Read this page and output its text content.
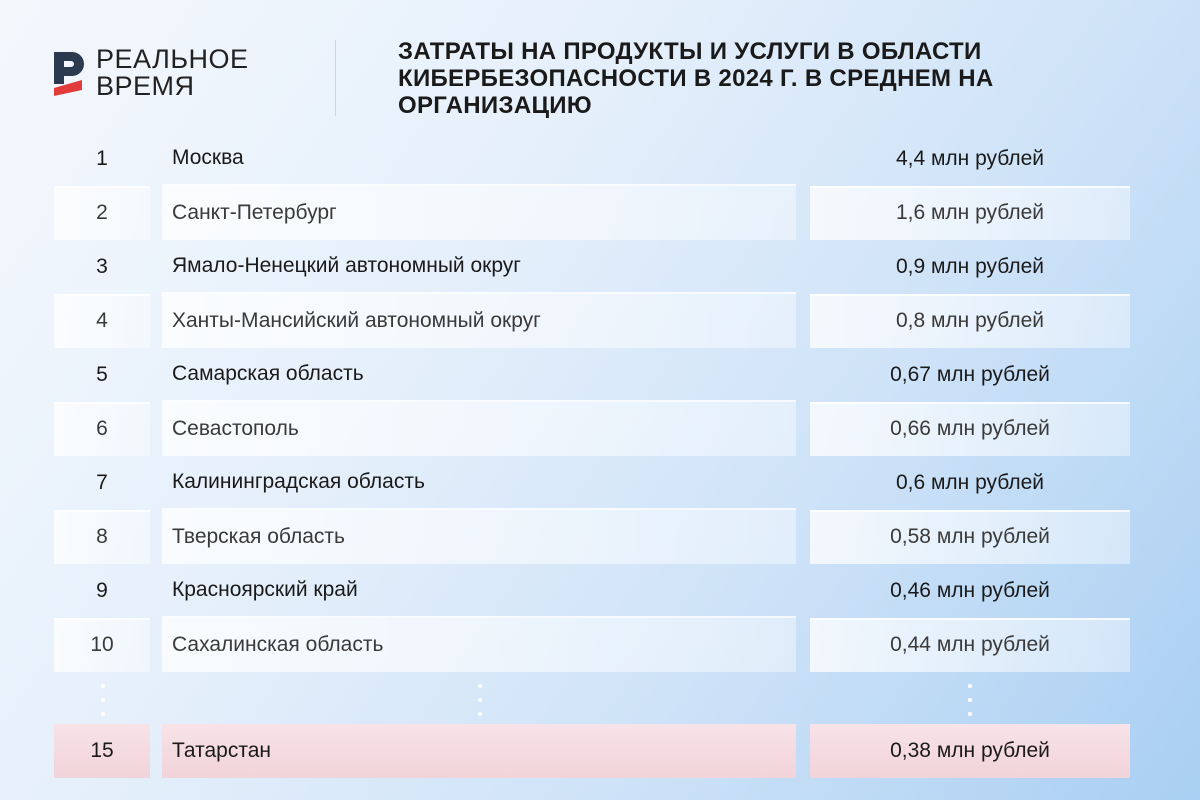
РЕАЛЬНОЕ
ВРЕМЯ
ЗАТРАТЫ НА ПРОДУКТЫ И УСЛУГИ В ОБЛАСТИ КИБЕРБЕЗОПАСНОСТИ В 2024 Г. В СРЕДНЕМ НА ОРГАНИЗАЦИЮ
1	Москва	4,4 млн рублей
2	Санкт-Петербург	1,6 млн рублей
3	Ямало-Ненецкий автономный округ	0,9 млн рублей
4	Ханты-Мансийский автономный округ	0,8 млн рублей
5	Самарская область	0,67 млн рублей
6	Севастополь	0,66 млн рублей
7	Калининградская область	0,6 млн рублей
8	Тверская область	0,58 млн рублей
9	Красноярский край	0,46 млн рублей
10	Сахалинская область	0,44 млн рублей
15	Татарстан	0,38 млн рублей
